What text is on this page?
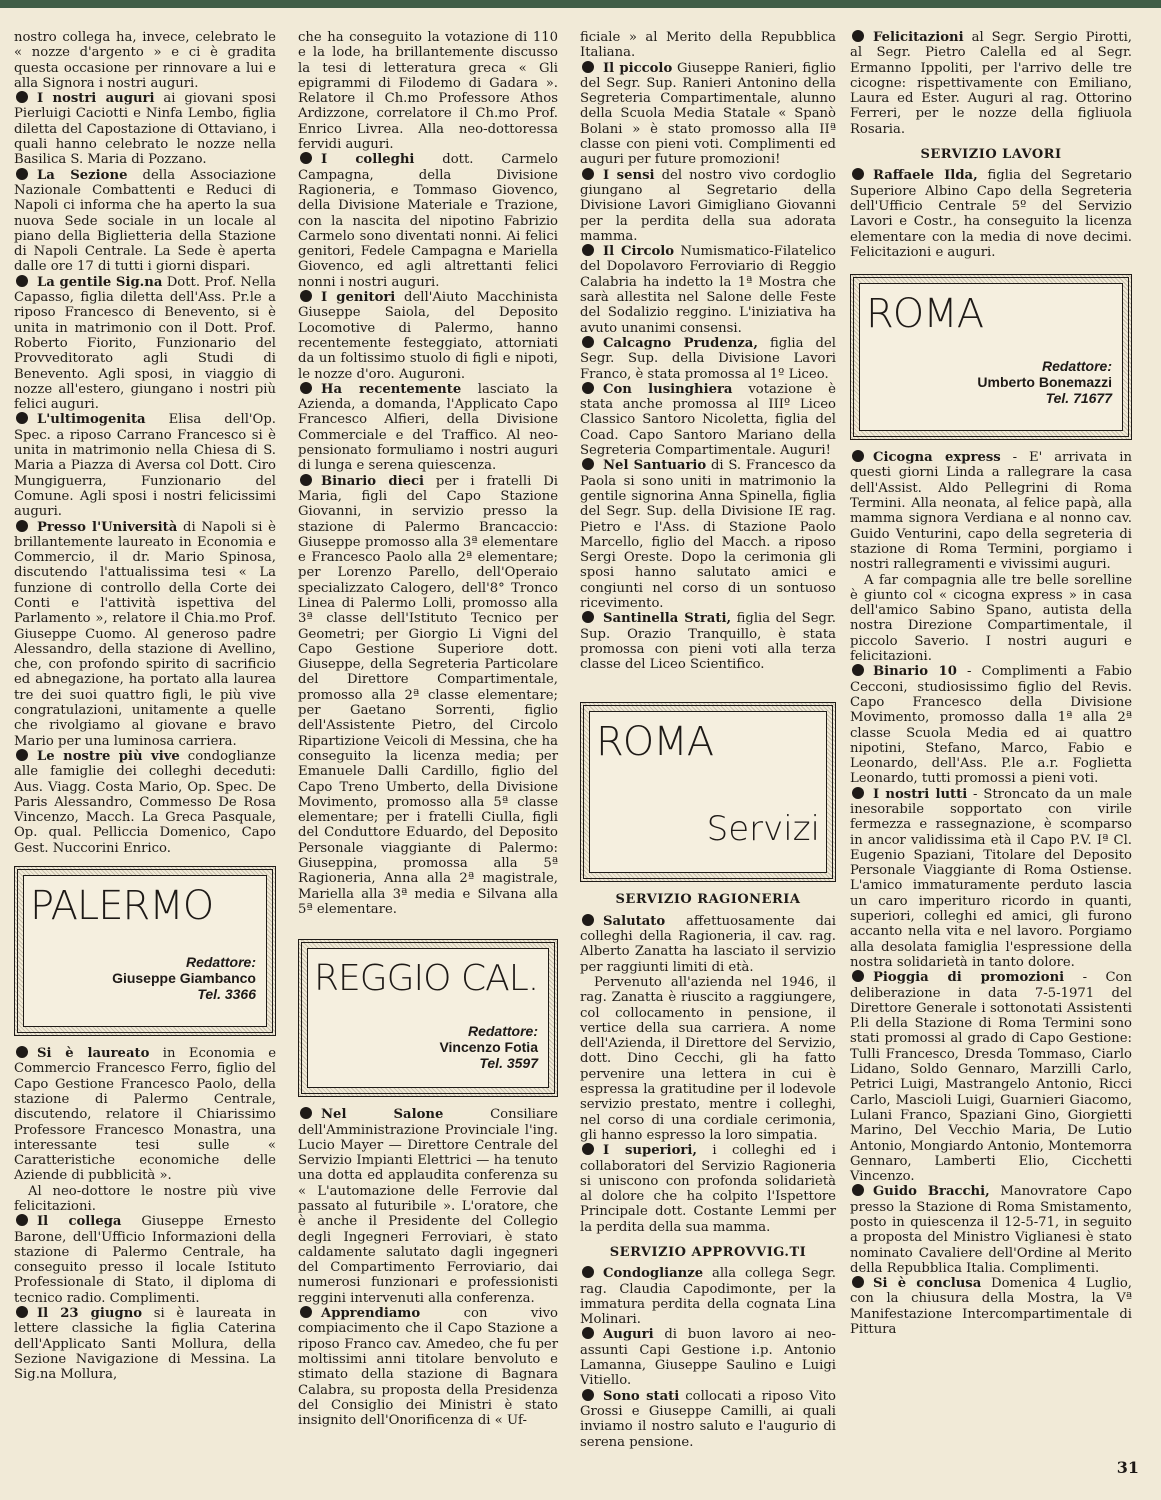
nostro collega ha, invece, celebrato le « nozze d'argento » e ci è gradita questa occasione per rinnovare a lui e alla Signora i nostri auguri.

I nostri auguri ai giovani sposi Pierluigi Caciotti e Ninfa Lembo, figlia diletta del Capostazione di Ottaviano, i quali hanno celebrato le nozze nella Basilica S. Maria di Pozzano.

La Sezione della Associazione Nazionale Combattenti e Reduci di Napoli ci informa che ha aperto la sua nuova Sede sociale in un locale al piano della Biglietteria della Stazione di Napoli Centrale. La Sede è aperta dalle ore 17 di tutti i giorni dispari.

La gentile Sig.na Dott. Prof. Nella Capasso, figlia diletta dell'Ass. Pr.le a riposo Francesco di Benevento, si è unita in matrimonio con il Dott. Prof. Roberto Fiorito, Funzionario del Provveditorato agli Studi di Benevento. Agli sposi, in viaggio di nozze all'estero, giungano i nostri più felici auguri.

L'ultimogenita Elisa dell'Op. Spec. a riposo Carrano Francesco si è unita in matrimonio nella Chiesa di S. Maria a Piazza di Aversa col Dott. Ciro Mungiguerra, Funzionario del Comune. Agli sposi i nostri felicissimi auguri.

Presso l'Università di Napoli si è brillantemente laureato in Economia e Commercio, il dr. Mario Spinosa, discutendo l'attualissima tesi « La funzione di controllo della Corte dei Conti e l'attività ispettiva del Parlamento », relatore il Chia.mo Prof. Giuseppe Cuomo. Al generoso padre Alessandro, della stazione di Avellino, che, con profondo spirito di sacrificio ed abnegazione, ha portato alla laurea tre dei suoi quattro figli, le più vive congratulazioni, unitamente a quelle che rivolgiamo al giovane e bravo Mario per una luminosa carriera.

Le nostre più vive condoglianze alle famiglie dei colleghi deceduti: Aus. Viagg. Costa Mario, Op. Spec. De Paris Alessandro, Commesso De Rosa Vincenzo, Macch. La Greca Pasquale, Op. qual. Pelliccia Domenico, Capo Gest. Nuccorini Enrico.

PALERMO
Redattore:
Giuseppe Giambanco
Tel. 3366

Si è laureato in Economia e Commercio Francesco Ferro, figlio del Capo Gestione Francesco Paolo, della stazione di Palermo Centrale, discutendo, relatore il Chiarissimo Professore Francesco Monastra, una interessante tesi sulle « Caratteristiche economiche delle Aziende di pubblicità ».

Al neo-dottore le nostre più vive felicitazioni.

Il collega Giuseppe Ernesto Barone, dell'Ufficio Informazioni della stazione di Palermo Centrale, ha conseguito presso il locale Istituto Professionale di Stato, il diploma di tecnico radio. Complimenti.

Il 23 giugno si è laureata in lettere classiche la figlia Caterina dell'Applicato Santi Mollura, della Sezione Navigazione di Messina. La Sig.na Mollura,

che ha conseguito la votazione di 110 e la lode, ha brillantemente discusso la tesi di letteratura greca « Gli epigrammi di Filodemo di Gadara ». Relatore il Ch.mo Professore Athos Ardizzone, correlatore il Ch.mo Prof. Enrico Livrea. Alla neo-dottoressa fervidi auguri.

I colleghi dott. Carmelo Campagna, della Divisione Ragioneria, e Tommaso Giovenco, della Divisione Materiale e Trazione, con la nascita del nipotino Fabrizio Carmelo sono diventati nonni. Ai felici genitori, Fedele Campagna e Mariella Giovenco, ed agli altrettanti felici nonni i nostri auguri.

I genitori dell'Aiuto Macchinista Giuseppe Saiola, del Deposito Locomotive di Palermo, hanno recentemente festeggiato, attorniati da un foltissimo stuolo di figli e nipoti, le nozze d'oro. Auguroni.

Ha recentemente lasciato la Azienda, a domanda, l'Applicato Capo Francesco Alfieri, della Divisione Commerciale e del Traffico. Al neo-pensionato formuliamo i nostri auguri di lunga e serena quiescenza.

Binario dieci per i fratelli Di Maria, figli del Capo Stazione Giovanni, in servizio presso la stazione di Palermo Brancaccio: Giuseppe promosso alla 3ª elementare e Francesco Paolo alla 2ª elementare; per Lorenzo Parello, dell'Operaio specializzato Calogero, dell'8° Tronco Linea di Palermo Lolli, promosso alla 3ª classe dell'Istituto Tecnico per Geometri; per Giorgio Li Vigni del Capo Gestione Superiore dott. Giuseppe, della Segreteria Particolare del Direttore Compartimentale, promosso alla 2ª classe elementare; per Gaetano Sorrenti, figlio dell'Assistente Pietro, del Circolo Ripartizione Veicoli di Messina, che ha conseguito la licenza media; per Emanuele Dalli Cardillo, figlio del Capo Treno Umberto, della Divisione Movimento, promosso alla 5ª classe elementare; per i fratelli Ciulla, figli del Conduttore Eduardo, del Deposito Personale viaggiante di Palermo: Giuseppina, promossa alla 5ª Ragioneria, Anna alla 2ª magistrale, Mariella alla 3ª media e Silvana alla 5ª elementare.

REGGIO CAL.
Redattore:
Vincenzo Fotia
Tel. 3597

Nel Salone Consiliare dell'Amministrazione Provinciale l'ing. Lucio Mayer — Direttore Centrale del Servizio Impianti Elettrici — ha tenuto una dotta ed applaudita conferenza su « L'automazione delle Ferrovie dal passato al futuribile ». L'oratore, che è anche il Presidente del Collegio degli Ingegneri Ferroviari, è stato caldamente salutato dagli ingegneri del Compartimento Ferroviario, dai numerosi funzionari e professionisti reggini intervenuti alla conferenza.

Apprendiamo con vivo compiacimento che il Capo Stazione a riposo Franco cav. Amedeo, che fu per moltissimi anni titolare benvoluto e stimato della stazione di Bagnara Calabra, su proposta della Presidenza del Consiglio dei Ministri è stato insignito dell'Onorificenza di « Uf-

ficiale » al Merito della Repubblica Italiana.

Il piccolo Giuseppe Ranieri, figlio del Segr. Sup. Ranieri Antonino della Segreteria Compartimentale, alunno della Scuola Media Statale « Spanò Bolani » è stato promosso alla IIª classe con pieni voti. Complimenti ed auguri per future promozioni!

I sensi del nostro vivo cordoglio giungano al Segretario della Divisione Lavori Gimigliano Giovanni per la perdita della sua adorata mamma.

Il Circolo Numismatico-Filatelico del Dopolavoro Ferroviario di Reggio Calabria ha indetto la 1ª Mostra che sarà allestita nel Salone delle Feste del Sodalizio reggino. L'iniziativa ha avuto unanimi consensi.

Calcagno Prudenza, figlia del Segr. Sup. della Divisione Lavori Franco, è stata promossa al 1º Liceo.

Con lusinghiera votazione è stata anche promossa al IIIº Liceo Classico Santoro Nicoletta, figlia del Coad. Capo Santoro Mariano della Segreteria Compartimentale. Auguri!

Nel Santuario di S. Francesco da Paola si sono uniti in matrimonio la gentile signorina Anna Spinella, figlia del Segr. Sup. della Divisione IE rag. Pietro e l'Ass. di Stazione Paolo Marcello, figlio del Macch. a riposo Sergi Oreste. Dopo la cerimonia gli sposi hanno salutato amici e congiunti nel corso di un sontuoso ricevimento.

Santinella Strati, figlia del Segr. Sup. Orazio Tranquillo, è stata promossa con pieni voti alla terza classe del Liceo Scientifico.

ROMA
Servizi
SERVIZIO RAGIONERIA

Salutato affettuosamente dai colleghi della Ragioneria, il cav. rag. Alberto Zanatta ha lasciato il servizio per raggiunti limiti di età.

Pervenuto all'azienda nel 1946, il rag. Zanatta è riuscito a raggiungere, col collocamento in pensione, il vertice della sua carriera. A nome dell'Azienda, il Direttore del Servizio, dott. Dino Cecchi, gli ha fatto pervenire una lettera in cui è espressa la gratitudine per il lodevole servizio prestato, mentre i colleghi, nel corso di una cordiale cerimonia, gli hanno espresso la loro simpatia.

I superiori, i colleghi ed i collaboratori del Servizio Ragioneria si uniscono con profonda solidarietà al dolore che ha colpito l'Ispettore Principale dott. Costante Lemmi per la perdita della sua mamma.

SERVIZIO APPROVVIG.TI

Condoglianze alla collega Segr. rag. Claudia Capodimonte, per la immatura perdita della cognata Lina Molinari.

Auguri di buon lavoro ai neo-assunti Capi Gestione i.p. Antonio Lamanna, Giuseppe Saulino e Luigi Vitiello.

Sono stati collocati a riposo Vito Grossi e Giuseppe Camilli, ai quali inviamo il nostro saluto e l'augurio di serena pensione.

Felicitazioni al Segr. Sergio Pirotti, al Segr. Pietro Calella ed al Segr. Ermanno Ippoliti, per l'arrivo delle tre cicogne: rispettivamente con Emiliano, Laura ed Ester. Auguri al rag. Ottorino Ferreri, per le nozze della figliuola Rosaria.

SERVIZIO LAVORI

Raffaele Ilda, figlia del Segretario Superiore Albino Capo della Segreteria dell'Ufficio Centrale 5º del Servizio Lavori e Costr., ha conseguito la licenza elementare con la media di nove decimi. Felicitazioni e auguri.

ROMA
Redattore:
Umberto Bonemazzi
Tel. 71677

Cicogna express - E' arrivata in questi giorni Linda a rallegrare la casa dell'Assist. Aldo Pellegrini di Roma Termini. Alla neonata, al felice papà, alla mamma signora Verdiana e al nonno cav. Guido Venturini, capo della segreteria di stazione di Roma Termini, porgiamo i nostri rallegramenti e vivissimi auguri.

A far compagnia alle tre belle sorelline è giunto col « cicogna express » in casa dell'amico Sabino Spano, autista della nostra Direzione Compartimentale, il piccolo Saverio. I nostri auguri e felicitazioni.

Binario 10 - Complimenti a Fabio Cecconi, studiosissimo figlio del Revis. Capo Francesco della Divisione Movimento, promosso dalla 1ª alla 2ª classe Scuola Media ed ai quattro nipotini, Stefano, Marco, Fabio e Leonardo, dell'Ass. P.le a.r. Foglietta Leonardo, tutti promossi a pieni voti.

I nostri lutti - Stroncato da un male inesorabile sopportato con virile fermezza e rassegnazione, è scomparso in ancor validissima età il Capo P.V. Iª Cl. Eugenio Spaziani, Titolare del Deposito Personale Viaggiante di Roma Ostiense. L'amico immaturamente perduto lascia un caro imperituro ricordo in quanti, superiori, colleghi ed amici, gli furono accanto nella vita e nel lavoro. Porgiamo alla desolata famiglia l'espressione della nostra solidarietà in tanto dolore.

Pioggia di promozioni - Con deliberazione in data 7-5-1971 del Direttore Generale i sottonotati Assistenti P.li della Stazione di Roma Termini sono stati promossi al grado di Capo Gestione: Tulli Francesco, Dresda Tommaso, Ciarlo Lidano, Soldo Gennaro, Marzilli Carlo, Petrici Luigi, Mastrangelo Antonio, Ricci Carlo, Mascioli Luigi, Guarnieri Giacomo, Lulani Franco, Spaziani Gino, Giorgietti Marino, Del Vecchio Maria, De Lutio Antonio, Mongiardo Antonio, Montemorra Gennaro, Lamberti Elio, Cicchetti Vincenzo.

Guido Bracchi, Manovratore Capo presso la Stazione di Roma Smistamento, posto in quiescenza il 12-5-71, in seguito a proposta del Ministro Viglianesi è stato nominato Cavaliere dell'Ordine al Merito della Repubblica Italia. Complimenti.

Si è conclusa Domenica 4 Luglio, con la chiusura della Mostra, la Vª Manifestazione Intercompartimentale di Pittura

31
